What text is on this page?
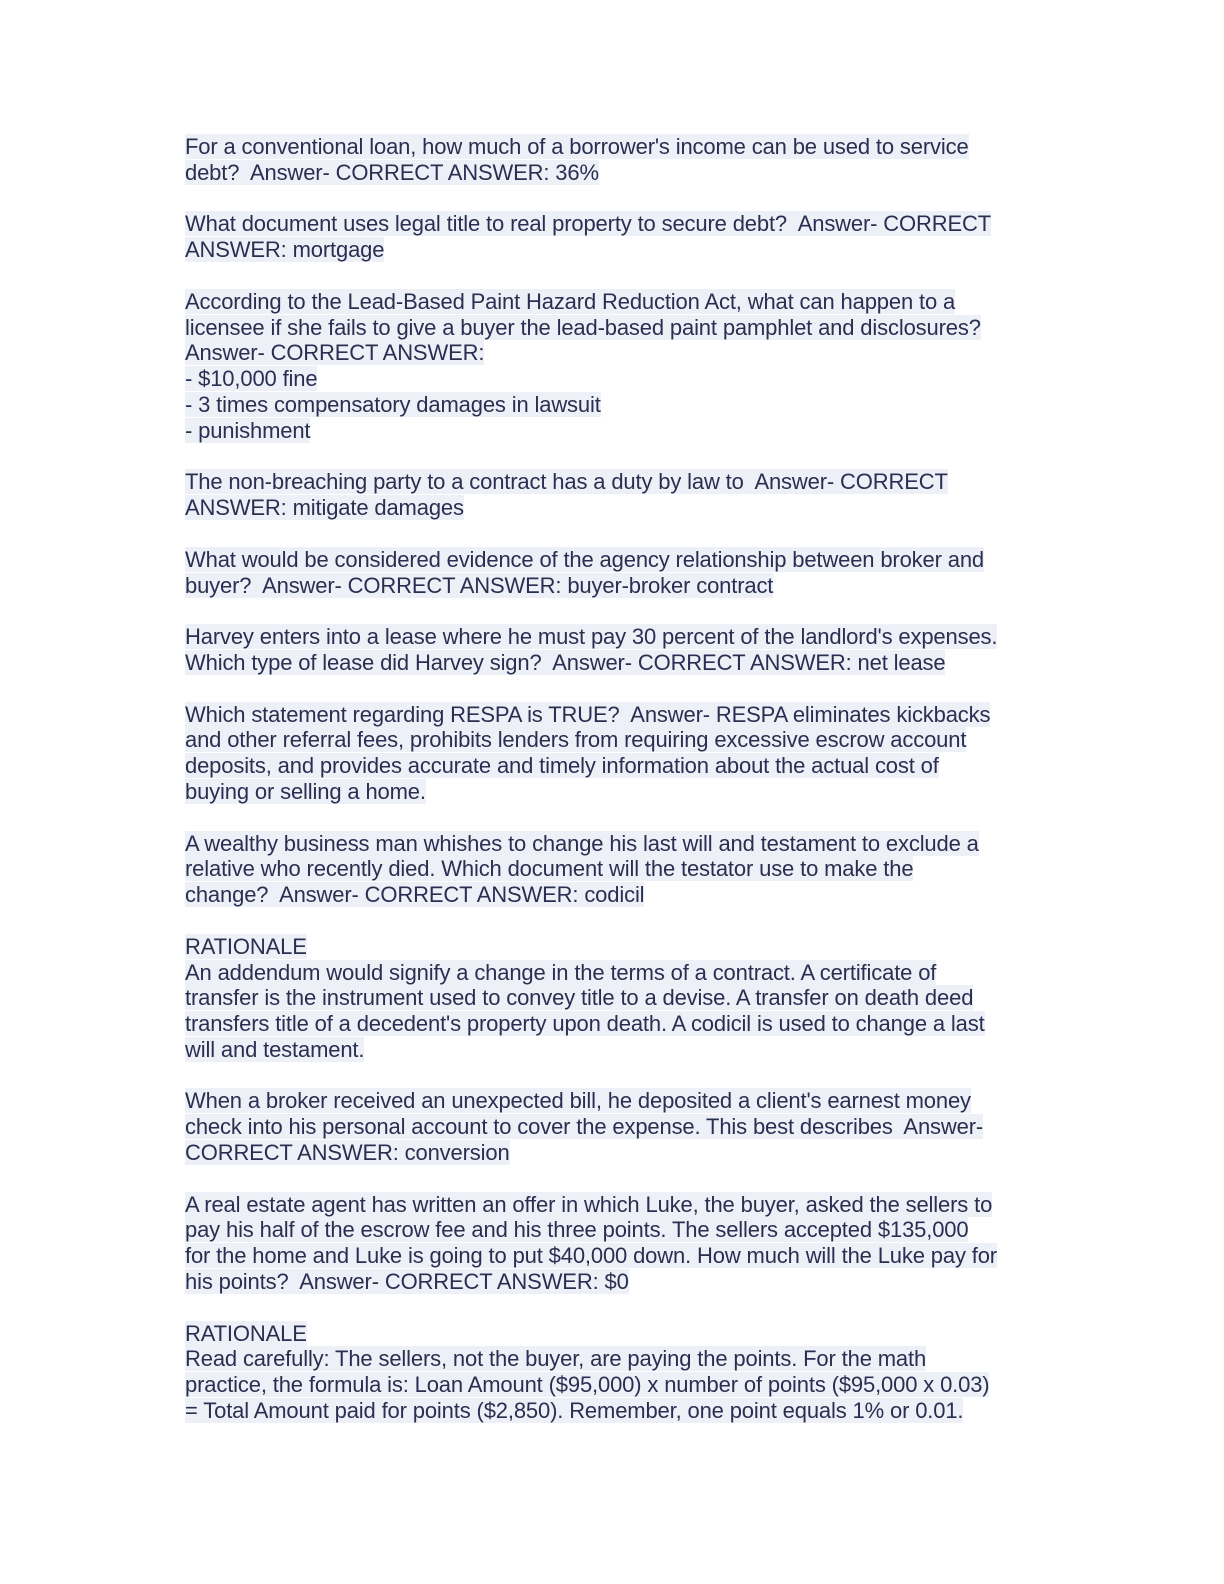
For a conventional loan, how much of a borrower's income can be used to service
debt?  Answer- CORRECT ANSWER: 36%
What document uses legal title to real property to secure debt?  Answer- CORRECT
ANSWER: mortgage
According to the Lead-Based Paint Hazard Reduction Act, what can happen to a
licensee if she fails to give a buyer the lead-based paint pamphlet and disclosures?
Answer- CORRECT ANSWER:
- $10,000 fine
- 3 times compensatory damages in lawsuit
- punishment
The non-breaching party to a contract has a duty by law to  Answer- CORRECT
ANSWER: mitigate damages
What would be considered evidence of the agency relationship between broker and
buyer?  Answer- CORRECT ANSWER: buyer-broker contract
Harvey enters into a lease where he must pay 30 percent of the landlord's expenses.
Which type of lease did Harvey sign?  Answer- CORRECT ANSWER: net lease
Which statement regarding RESPA is TRUE?  Answer- RESPA eliminates kickbacks
and other referral fees, prohibits lenders from requiring excessive escrow account
deposits, and provides accurate and timely information about the actual cost of
buying or selling a home.
A wealthy business man whishes to change his last will and testament to exclude a
relative who recently died. Which document will the testator use to make the
change?  Answer- CORRECT ANSWER: codicil
RATIONALE
An addendum would signify a change in the terms of a contract. A certificate of
transfer is the instrument used to convey title to a devise. A transfer on death deed
transfers title of a decedent's property upon death. A codicil is used to change a last
will and testament.
When a broker received an unexpected bill, he deposited a client's earnest money
check into his personal account to cover the expense. This best describes  Answer-
CORRECT ANSWER: conversion
A real estate agent has written an offer in which Luke, the buyer, asked the sellers to
pay his half of the escrow fee and his three points. The sellers accepted $135,000
for the home and Luke is going to put $40,000 down. How much will the Luke pay for
his points?  Answer- CORRECT ANSWER: $0
RATIONALE
Read carefully: The sellers, not the buyer, are paying the points. For the math
practice, the formula is: Loan Amount ($95,000) x number of points ($95,000 x 0.03)
= Total Amount paid for points ($2,850). Remember, one point equals 1% or 0.01.
